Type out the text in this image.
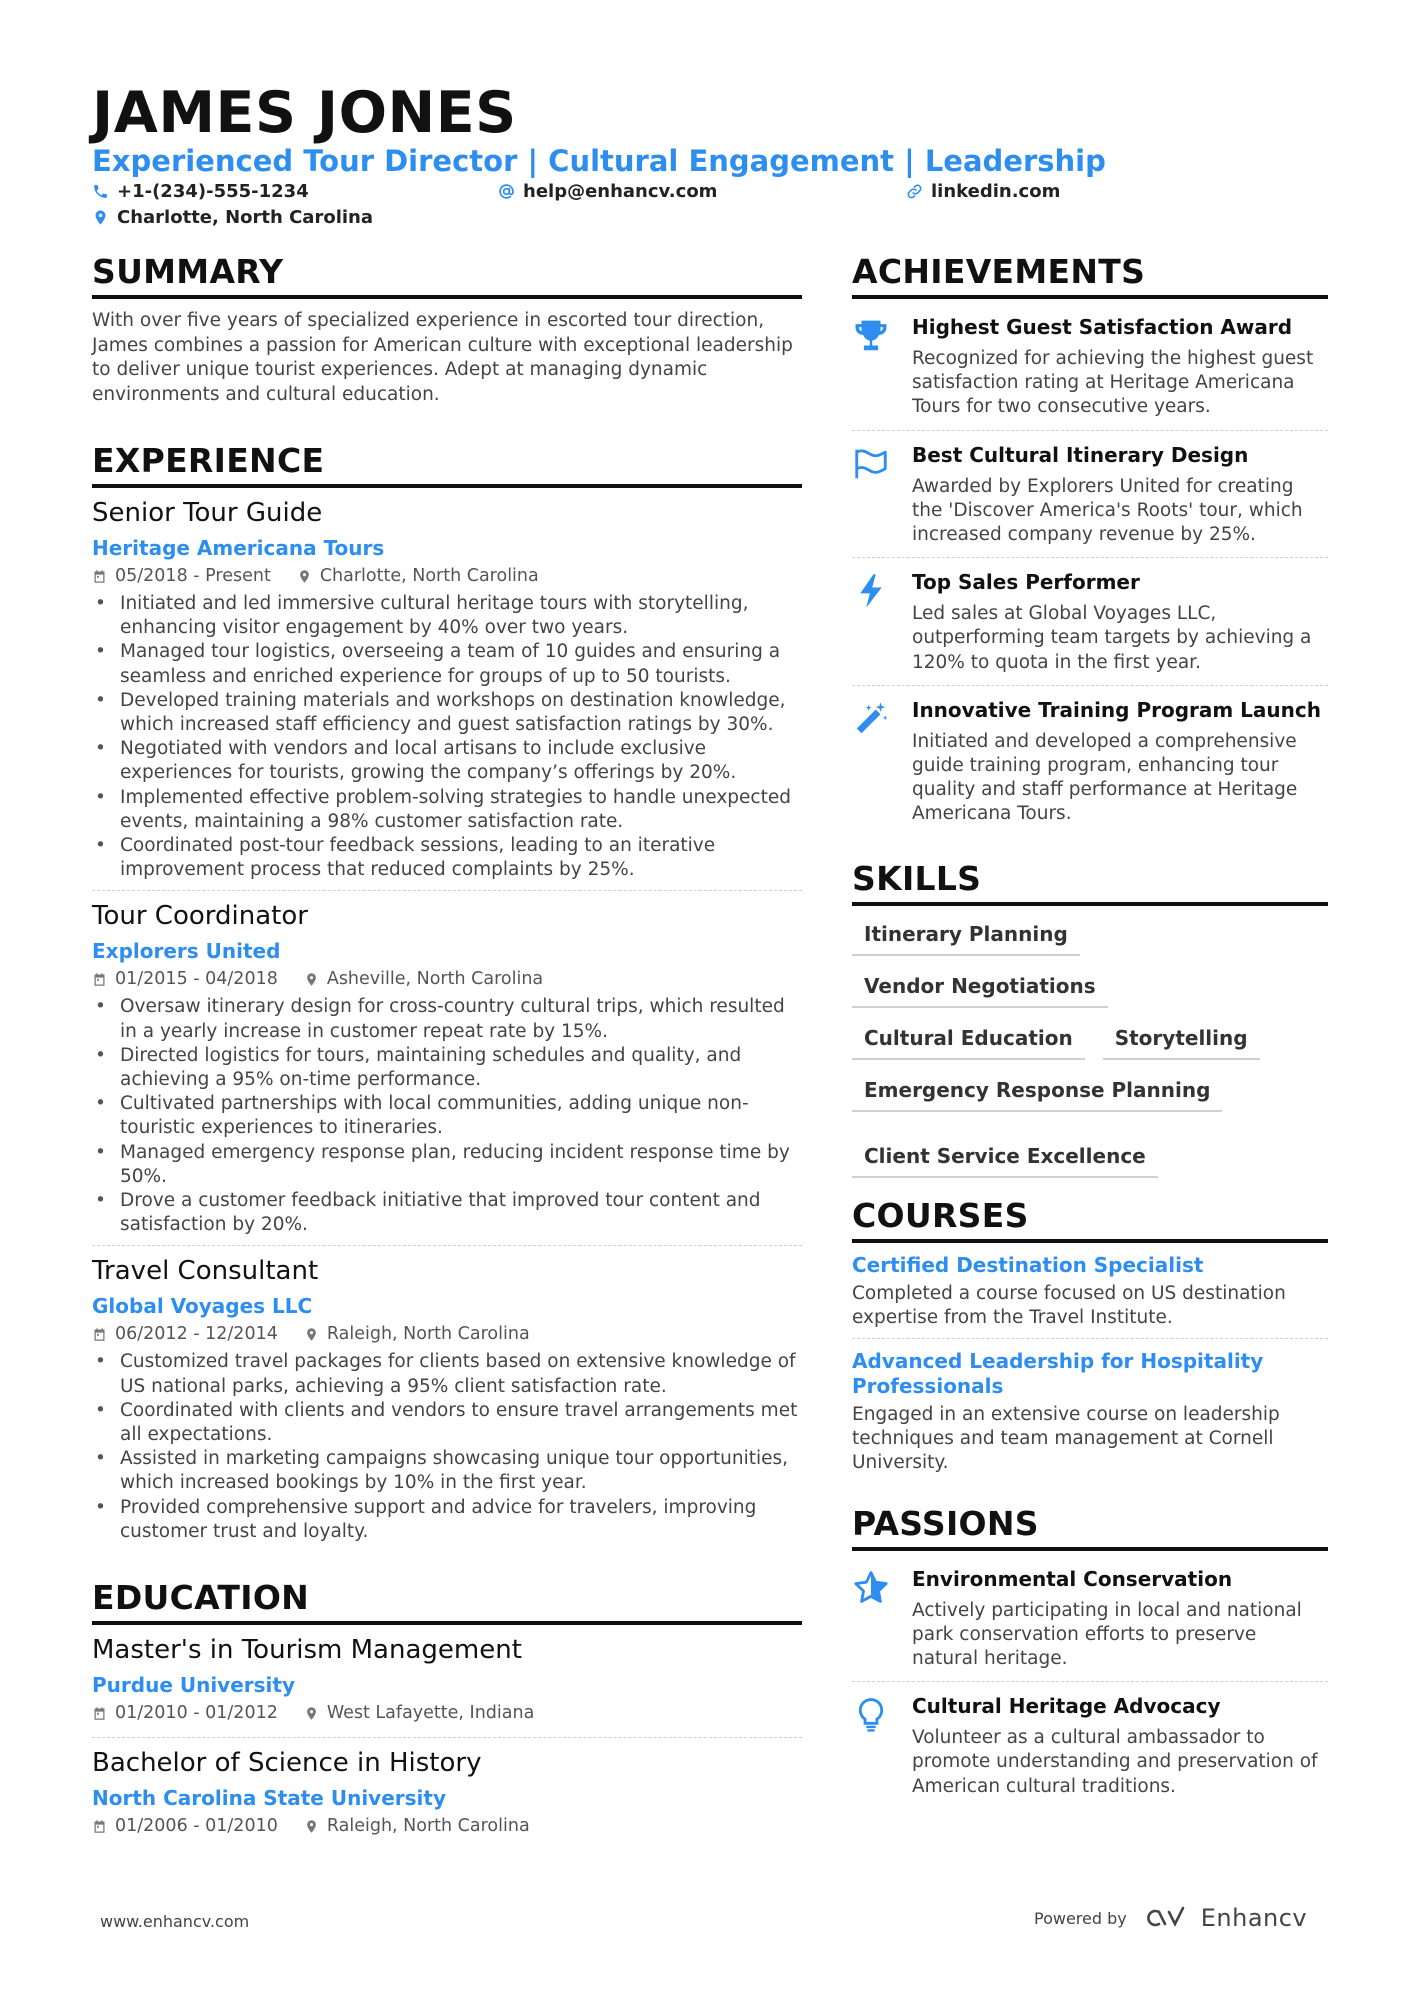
JAMES JONES
Experienced Tour Director | Cultural Engagement | Leadership
+1-(234)-555-1234	help@enhancv.com	linkedin.com
Charlotte, North Carolina
SUMMARY
With over five years of specialized experience in escorted tour direction, James combines a passion for American culture with exceptional leadership to deliver unique tourist experiences. Adept at managing dynamic environments and cultural education.
EXPERIENCE
Senior Tour Guide
Heritage Americana Tours
05/2018 - Present	Charlotte, North Carolina
• Initiated and led immersive cultural heritage tours with storytelling, enhancing visitor engagement by 40% over two years.
• Managed tour logistics, overseeing a team of 10 guides and ensuring a seamless and enriched experience for groups of up to 50 tourists.
• Developed training materials and workshops on destination knowledge, which increased staff efficiency and guest satisfaction ratings by 30%.
• Negotiated with vendors and local artisans to include exclusive experiences for tourists, growing the company’s offerings by 20%.
• Implemented effective problem-solving strategies to handle unexpected events, maintaining a 98% customer satisfaction rate.
• Coordinated post-tour feedback sessions, leading to an iterative improvement process that reduced complaints by 25%.
Tour Coordinator
Explorers United
01/2015 - 04/2018	Asheville, North Carolina
• Oversaw itinerary design for cross-country cultural trips, which resulted in a yearly increase in customer repeat rate by 15%.
• Directed logistics for tours, maintaining schedules and quality, and achieving a 95% on-time performance.
• Cultivated partnerships with local communities, adding unique non-touristic experiences to itineraries.
• Managed emergency response plan, reducing incident response time by 50%.
• Drove a customer feedback initiative that improved tour content and satisfaction by 20%.
Travel Consultant
Global Voyages LLC
06/2012 - 12/2014	Raleigh, North Carolina
• Customized travel packages for clients based on extensive knowledge of US national parks, achieving a 95% client satisfaction rate.
• Coordinated with clients and vendors to ensure travel arrangements met all expectations.
• Assisted in marketing campaigns showcasing unique tour opportunities, which increased bookings by 10% in the first year.
• Provided comprehensive support and advice for travelers, improving customer trust and loyalty.
EDUCATION
Master's in Tourism Management
Purdue University
01/2010 - 01/2012	West Lafayette, Indiana
Bachelor of Science in History
North Carolina State University
01/2006 - 01/2010	Raleigh, North Carolina
ACHIEVEMENTS
Highest Guest Satisfaction Award
Recognized for achieving the highest guest satisfaction rating at Heritage Americana Tours for two consecutive years.
Best Cultural Itinerary Design
Awarded by Explorers United for creating the 'Discover America's Roots' tour, which increased company revenue by 25%.
Top Sales Performer
Led sales at Global Voyages LLC, outperforming team targets by achieving a 120% to quota in the first year.
Innovative Training Program Launch
Initiated and developed a comprehensive guide training program, enhancing tour quality and staff performance at Heritage Americana Tours.
SKILLS
Itinerary Planning
Vendor Negotiations
Cultural Education	Storytelling
Emergency Response Planning
Client Service Excellence
COURSES
Certified Destination Specialist
Completed a course focused on US destination expertise from the Travel Institute.
Advanced Leadership for Hospitality Professionals
Engaged in an extensive course on leadership techniques and team management at Cornell University.
PASSIONS
Environmental Conservation
Actively participating in local and national park conservation efforts to preserve natural heritage.
Cultural Heritage Advocacy
Volunteer as a cultural ambassador to promote understanding and preservation of American cultural traditions.
www.enhancv.com	Powered by	Enhancv
